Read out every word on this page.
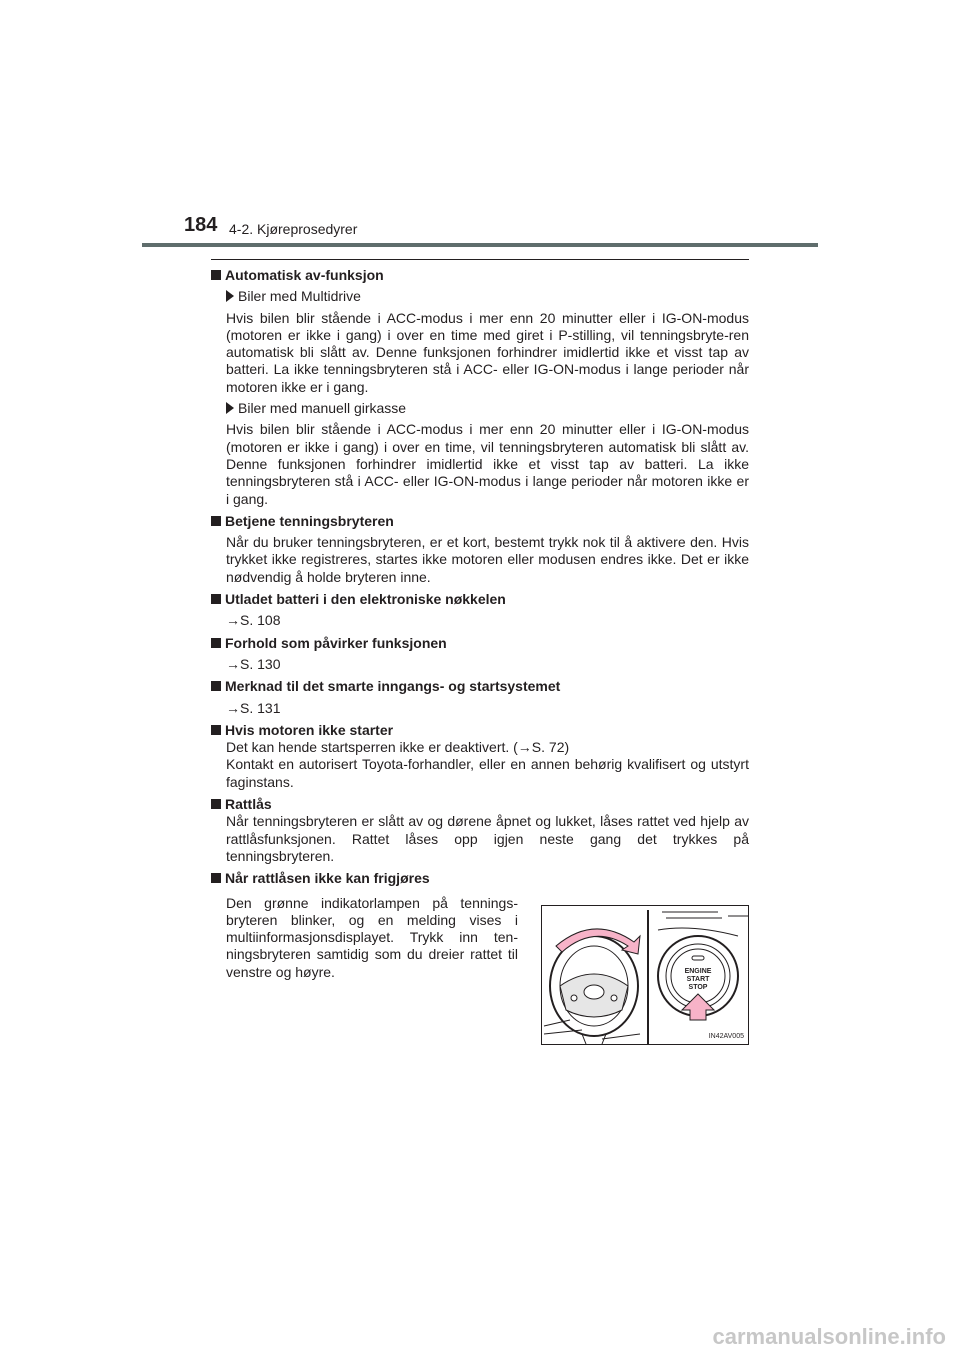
184 4-2. Kjøreprosedyrer
Automatisk av-funksjon
Biler med Multidrive
Hvis bilen blir stående i ACC-modus i mer enn 20 minutter eller i IG-ON-modus (motoren er ikke i gang) i over en time med giret i P-stilling, vil tenningsbryte-ren automatisk bli slått av. Denne funksjonen forhindrer imidlertid ikke et visst tap av batteri. La ikke tenningsbryteren stå i ACC- eller IG-ON-modus i lange perioder når motoren ikke er i gang.
Biler med manuell girkasse
Hvis bilen blir stående i ACC-modus i mer enn 20 minutter eller i IG-ON-modus (motoren er ikke i gang) i over en time, vil tenningsbryteren automatisk bli slått av. Denne funksjonen forhindrer imidlertid ikke et visst tap av batteri. La ikke tenningsbryteren stå i ACC- eller IG-ON-modus i lange perioder når motoren ikke er i gang.
Betjene tenningsbryteren
Når du bruker tenningsbryteren, er et kort, bestemt trykk nok til å aktivere den. Hvis trykket ikke registreres, startes ikke motoren eller modusen endres ikke. Det er ikke nødvendig å holde bryteren inne.
Utladet batteri i den elektroniske nøkkelen
→S. 108
Forhold som påvirker funksjonen
→S. 130
Merknad til det smarte inngangs- og startsystemet
→S. 131
Hvis motoren ikke starter
Det kan hende startsperren ikke er deaktivert. (→S. 72)
Kontakt en autorisert Toyota-forhandler, eller en annen behørig kvalifisert og utstyrt faginstans.
Rattlås
Når tenningsbryteren er slått av og dørene åpnet og lukket, låses rattet ved hjelp av rattlåsfunksjonen. Rattet låses opp igjen neste gang det trykkes på tenningsbryteren.
Når rattlåsen ikke kan frigjøres
Den grønne indikatorlampen på tennings-bryteren blinker, og en melding vises i multiinformasjonsdisplayet. Trykk inn ten-ningsbryteren samtidig som du dreier rattet til venstre og høyre.	ENGINE
START
STOP
IN42AV005
carmanualsonline.info
